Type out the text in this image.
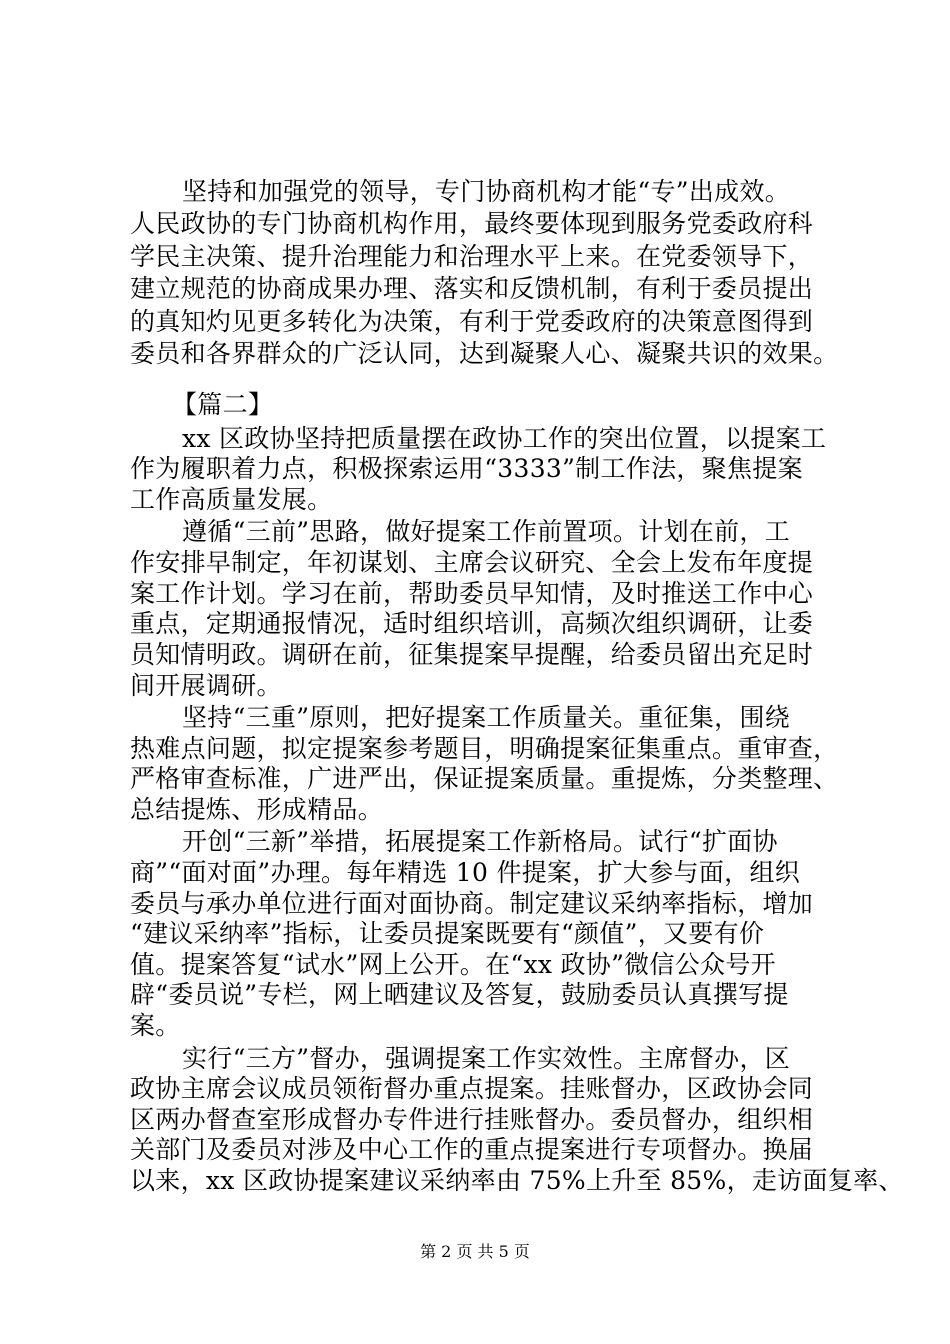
坚持和加强党的领导，专门协商机构才能“专”出成效。
人民政协的专门协商机构作用，最终要体现到服务党委政府科
学民主决策、提升治理能力和治理水平上来。在党委领导下，
建立规范的协商成果办理、落实和反馈机制，有利于委员提出
的真知灼见更多转化为决策，有利于党委政府的决策意图得到
委员和各界群众的广泛认同，达到凝聚人心、凝聚共识的效果。
【篇二】
xx 区政协坚持把质量摆在政协工作的突出位置，以提案工
作为履职着力点，积极探索运用“3333”制工作法，聚焦提案
工作高质量发展。
遵循“三前”思路，做好提案工作前置项。计划在前，工
作安排早制定，年初谋划、主席会议研究、全会上发布年度提
案工作计划。学习在前，帮助委员早知情，及时推送工作中心
重点，定期通报情况，适时组织培训，高频次组织调研，让委
员知情明政。调研在前，征集提案早提醒，给委员留出充足时
间开展调研。
坚持“三重”原则，把好提案工作质量关。重征集，围绕
热难点问题，拟定提案参考题目，明确提案征集重点。重审查，
严格审查标准，广进严出，保证提案质量。重提炼，分类整理、
总结提炼、形成精品。
开创“三新”举措，拓展提案工作新格局。试行“扩面协
商”“面对面”办理。每年精选 10 件提案，扩大参与面，组织
委员与承办单位进行面对面协商。制定建议采纳率指标，增加
“建议采纳率”指标，让委员提案既要有“颜值”，又要有价
值。提案答复“试水”网上公开。在“xx 政协”微信公众号开
辟“委员说”专栏，网上晒建议及答复，鼓励委员认真撰写提
案。
实行“三方”督办，强调提案工作实效性。主席督办，区
政协主席会议成员领衔督办重点提案。挂账督办，区政协会同
区两办督查室形成督办专件进行挂账督办。委员督办，组织相
关部门及委员对涉及中心工作的重点提案进行专项督办。换届
以来，xx 区政协提案建议采纳率由 75%上升至 85%，走访面复率、
第 2 页 共 5 页
